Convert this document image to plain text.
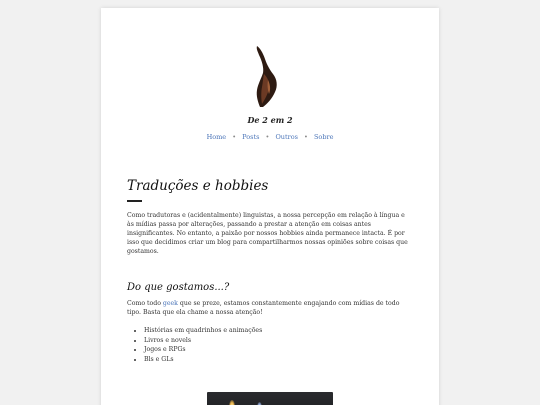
De 2 em 2
Home • Posts • Outros • Sobre
Traduções e hobbies

Como tradutoras e (acidentalmente) linguistas, a nossa percepção em relação à língua e às mídias passa por alterações, passando a prestar a atenção em coisas antes insignificantes. No entanto, a paixão por nossos hobbies ainda permanece intacta. É por isso que decidimos criar um blog para compartilharmos nossas opiniões sobre coisas que gostamos.

Do que gostamos...?

Como todo geek que se preze, estamos constantemente engajando com mídias de todo tipo. Basta que ela chame a nossa atenção!

• Histórias em quadrinhos e animações
• Livros e novels
• Jogos e RPGs
• Bls e GLs
